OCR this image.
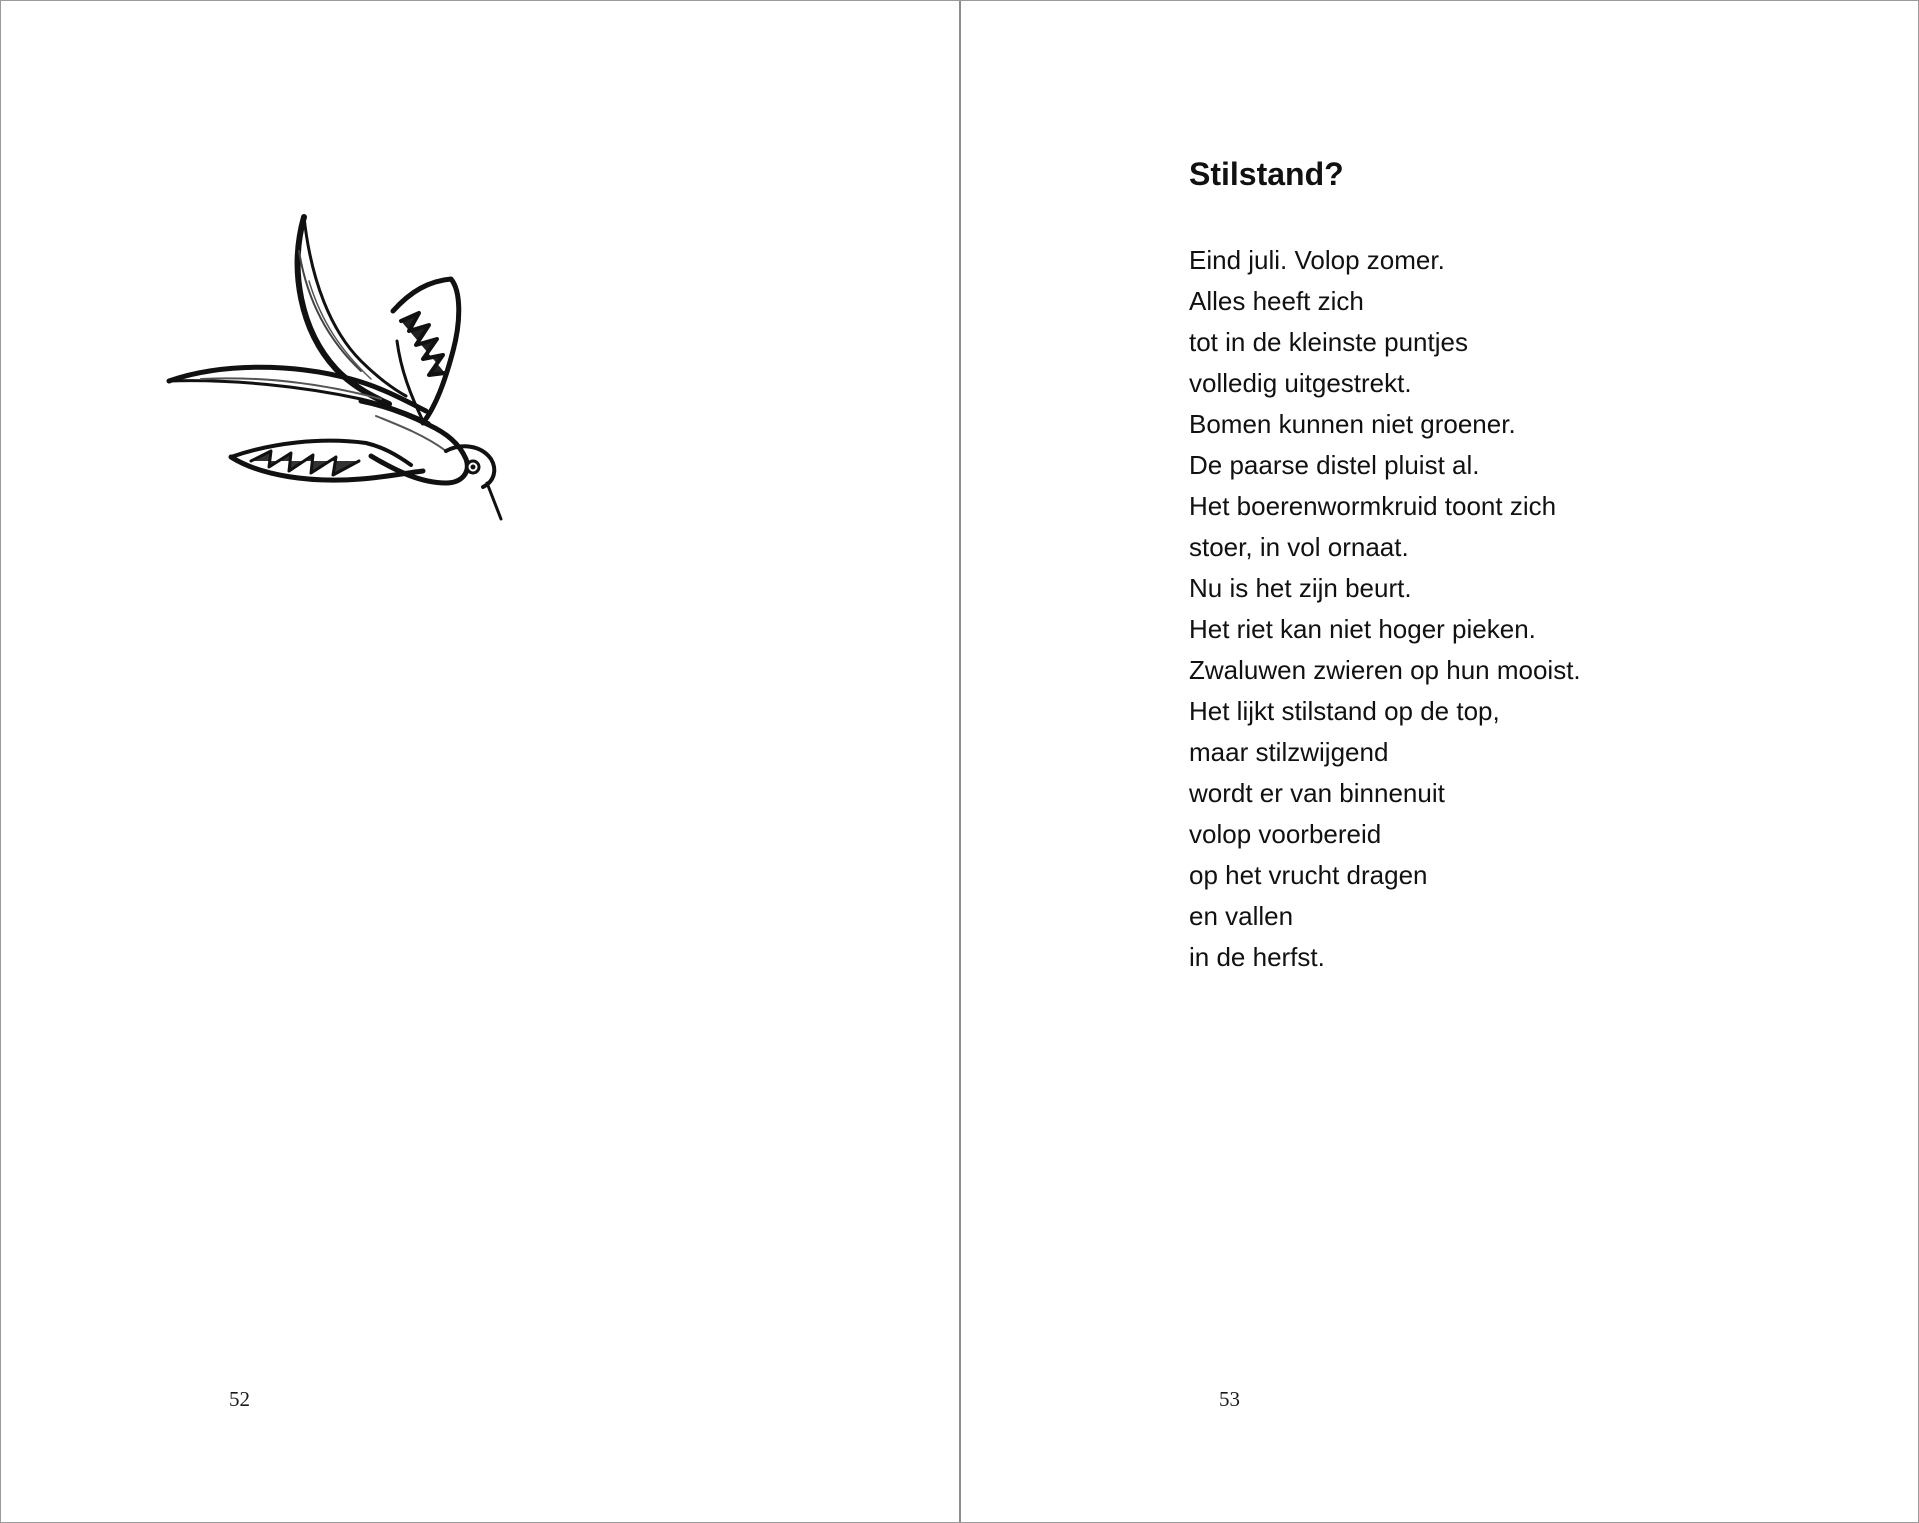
52
Stilstand?
Eind juli. Volop zomer.
Alles heeft zich
tot in de kleinste puntjes
volledig uitgestrekt.
Bomen kunnen niet groener.
De paarse distel pluist al.
Het boerenwormkruid toont zich
stoer, in vol ornaat.
Nu is het zijn beurt.
Het riet kan niet hoger pieken.
Zwaluwen zwieren op hun mooist.
Het lijkt stilstand op de top,
maar stilzwijgend
wordt er van binnenuit
volop voorbereid
op het vrucht dragen
en vallen
in de herfst.
53
